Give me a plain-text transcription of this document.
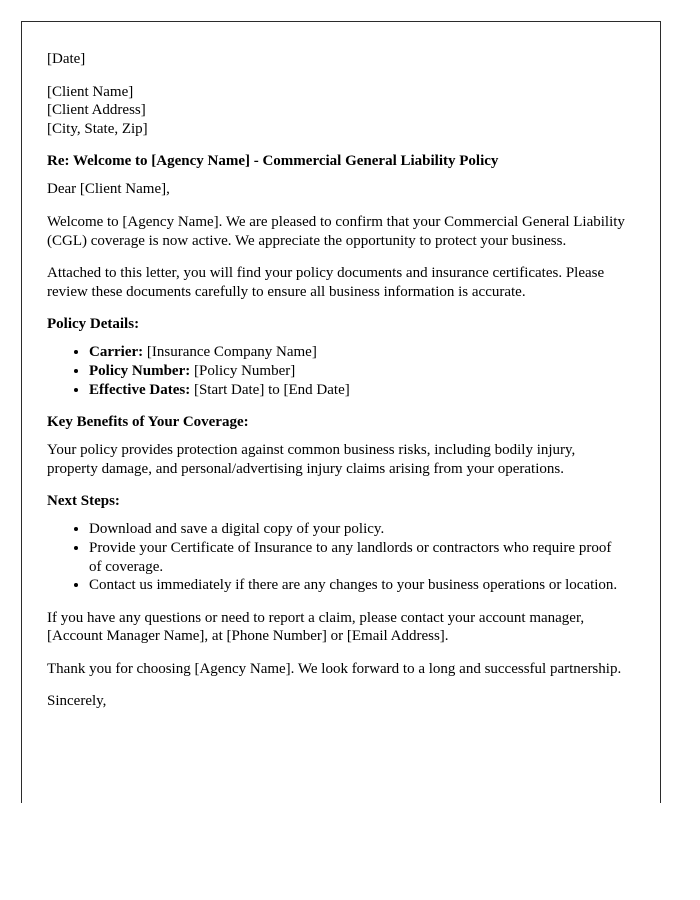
[Date]

[Client Name]

[Client Address]

[City, State, Zip]

Re: Welcome to [Agency Name] - Commercial General Liability Policy

Dear [Client Name],

Welcome to [Agency Name]. We are pleased to confirm that your Commercial General Liability (CGL) coverage is now active. We appreciate the opportunity to protect your business.

Attached to this letter, you will find your policy documents and insurance certificates. Please review these documents carefully to ensure all business information is accurate.

Policy Details:
• Carrier: [Insurance Company Name]
• Policy Number: [Policy Number]
• Effective Dates: [Start Date] to [End Date]
Key Benefits of Your Coverage:

Your policy provides protection against common business risks, including bodily injury, property damage, and personal/advertising injury claims arising from your operations.

Next Steps:
• Download and save a digital copy of your policy.
• Provide your Certificate of Insurance to any landlords or contractors who require proof of coverage.
• Contact us immediately if there are any changes to your business operations or location.

If you have any questions or need to report a claim, please contact your account manager, [Account Manager Name], at [Phone Number] or [Email Address].

Thank you for choosing [Agency Name]. We look forward to a long and successful partnership.

Sincerely,
